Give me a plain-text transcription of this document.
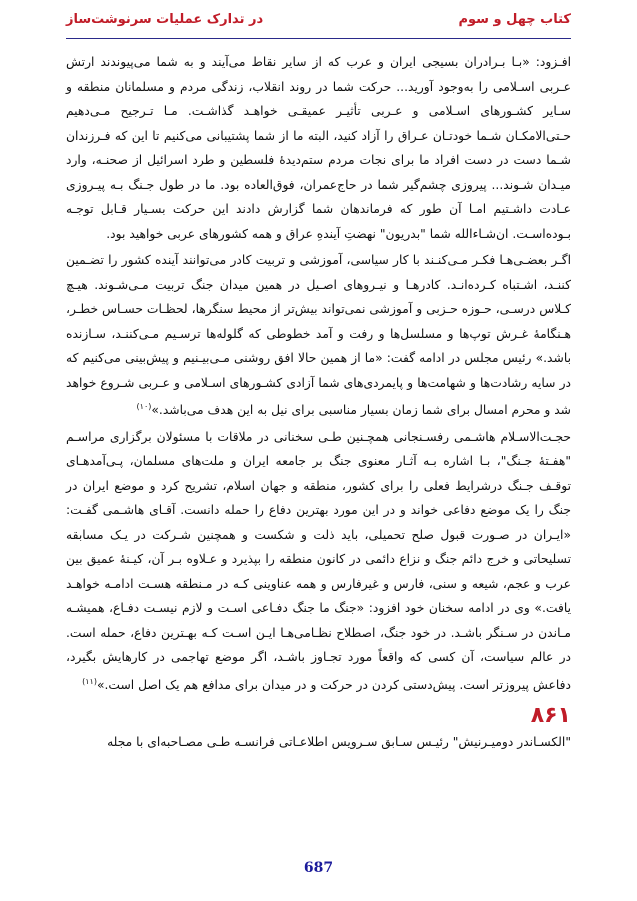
کتاب چهل و سوم
در تدارک عملیات سرنوشت‌ساز

افـزود: «بـا بـرادران بسیجی ایران و عرب که از سایر نقاط می‌آیند و به شما می‌پیوندند ارتش عـربی اسـلامی را به‌وجود آورید... حرکت شما در روند انقلاب، زندگی مردم و مسلمانان منطقه و سـایر کشـورهای اسـلامی و عـربی تأثیـر عمیقـی خواهـد گذاشـت. مـا تـرجیح مـی‌دهیم حـتی‌الامکـان شـما خودتـان عـراق را آزاد کنید، البته ما از شما پشتیبانی می‌کنیم تا این که فـرزندان شـما دست در دست افراد ما برای نجات مردم ستم‌دیدهٔ فلسطین و طرد اسرائیل از صحنـه، وارد میـدان شـوند... پیروزی چشم‌گیر شما در حاج‌عمران، فوق‌العاده بود. ما در طول جـنگ بـه پیـروزی عـادت داشـتیم امـا آن طور که فرماندهان شما گزارش دادند این حرکت بسـیار قـابل توجـه بـوده‌اسـت. ان‌شـاءالله شما "بدریون" نهضتِ آینده‌ِ عراق و همه کشورهای عربی خواهید بود.

اگـر بعضـی‌هـا فکـر مـی‌کنـند با کار سیاسی، آموزشی و تربیت کادر می‌توانند آینده کشور را تضـمین کننـد، اشـتباه کـرده‌انـد. کادرهـا و نیـروهای اصـیل در همین میدان جنگ تربیت مـی‌شـوند. هیـچ کـلاس درسـی، حـوزه حـزبی و آموزشی نمی‌تواند بیش‌تر از محیط سنگرها، لحظـات حسـاس خطـر، هـنگامهٔ غـرش توپ‌ها و مسلسل‌ها و رفت و آمد خطوطی که گلوله‌ها ترسـیم مـی‌کننـد، سـازنده باشد.» رئیس مجلس در ادامه گفت: «ما از همین حالا افق روشنی مـی‌بیـنیم و پیش‌بینی می‌کنیم که در سایه رشادت‌ها و شهامت‌ها و پایمردی‌های شما آزادی کشـورهای اسـلامی و عـربی شـروع خواهد شد و محرم امسال برای شما زمان بسیار مناسبی برای نیل به این هدف می‌باشد.»$^{(۱۰)}$

حجـت‌الاسـلام هاشـمی رفسـنجانی همچـنین طـی سخنانی در ملاقات با مسئولان برگزاری مراسـم "هفـتهٔ جـنگ"، بـا اشاره بـه آثـار معنوی جنگ بر جامعه ایران و ملت‌های مسلمان، پـی‌آمدهـای توقـف جـنگ درشرایط فعلی را برای کشور، منطقه و جهان اسلام، تشریح کرد و موضع ایران در جنگ را یک موضع دفاعی خواند و در این مورد بهترین دفاع را حمله دانست. آقـای هاشـمی گفـت: «ایـران در صـورت قبول صلح تحمیلی، باید ذلت و شکست و همچنین شـرکت در یـک مسابقه تسلیحاتی و خرج دائم جنگ و نزاع دائمی در کانون منطقه را بپذیرد و عـلاوه بـر آن، کیـنهٔ عمیق بین عرب و عجم، شیعه و سنی، فارس و غیرفارس و همه عناوینی کـه در مـنطقه هسـت ادامـه خواهـد یافت.» وی در ادامه سخنان خود افزود: «جنگ ما جنگ دفـاعی اسـت و لازم نیسـت دفـاع، همیشـه مـاندن در سـنگر باشـد. در خود جنگ، اصطلاح نظـامی‌هـا ایـن اسـت کـه بهـترین دفاع، حمله است. در عالم سیاست، آن کسی که واقعاً مورد تجـاوز باشـد، اگر موضع تهاجمی در کارهایش بگیرد، دفاعش پیروزتر است. پیش‌دستی کردن در حرکت و در میدان برای مدافع هم یک اصل است.»$^{(۱۱)}$

۸۶۱

"الکسـاندر دومیـرنیش" رئیـس سـابق سـرویس اطلاعـاتی فرانسـه طـی مصـاحبه‌ای با مجله

687
